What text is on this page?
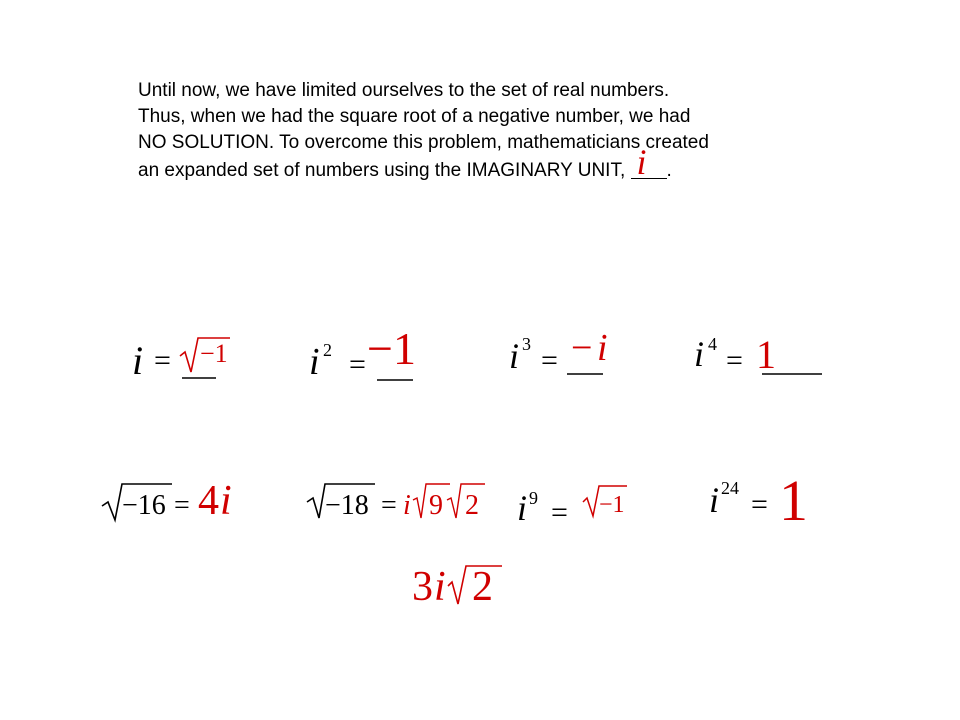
Until now, we have limited ourselves to the set of real numbers.

Thus, when we had the square root of a negative number, we had

NO SOLUTION. To overcome this problem, mathematicians created

an expanded set of numbers using the IMAGINARY UNIT, i .

i = −1 i 2 = −1	i 3 = − i i 4 = 1
−16 = 4 i	−18 = i 9 2 i 9 = −1 i 24 = 1
3 i 2
